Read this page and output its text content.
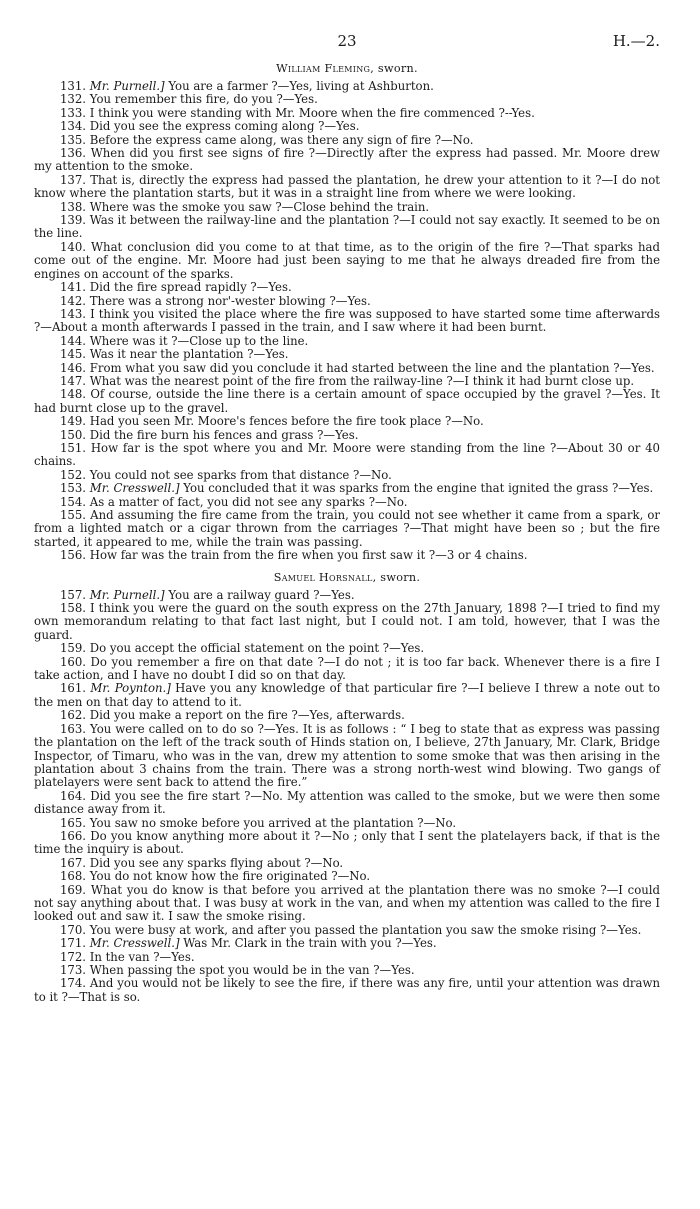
23	H.—2.
William Fleming, sworn.

131. Mr. Purnell.] You are a farmer ?—Yes, living at Ashburton.

132. You remember this fire, do you ?—Yes.

133. I think you were standing with Mr. Moore when the fire commenced ?--Yes.

134. Did you see the express coming along ?—Yes.

135. Before the express came along, was there any sign of fire ?—No.

136. When did you first see signs of fire ?—Directly after the express had passed. Mr. Moore drew my attention to the smoke.

137. That is, directly the express had passed the plantation, he drew your attention to it ?—I do not know where the plantation starts, but it was in a straight line from where we were looking.

138. Where was the smoke you saw ?—Close behind the train.

139. Was it between the railway-line and the plantation ?—I could not say exactly. It seemed to be on the line.

140. What conclusion did you come to at that time, as to the origin of the fire ?—That sparks had come out of the engine. Mr. Moore had just been saying to me that he always dreaded fire from the engines on account of the sparks.

141. Did the fire spread rapidly ?—Yes.

142. There was a strong nor'-wester blowing ?—Yes.

143. I think you visited the place where the fire was supposed to have started some time afterwards ?—About a month afterwards I passed in the train, and I saw where it had been burnt.

144. Where was it ?—Close up to the line.

145. Was it near the plantation ?—Yes.

146. From what you saw did you conclude it had started between the line and the plantation ?—Yes.

147. What was the nearest point of the fire from the railway-line ?—I think it had burnt close up.

148. Of course, outside the line there is a certain amount of space occupied by the gravel ?—Yes. It had burnt close up to the gravel.

149. Had you seen Mr. Moore's fences before the fire took place ?—No.

150. Did the fire burn his fences and grass ?—Yes.

151. How far is the spot where you and Mr. Moore were standing from the line ?—About 30 or 40 chains.

152. You could not see sparks from that distance ?—No.

153. Mr. Cresswell.] You concluded that it was sparks from the engine that ignited the grass ?—Yes.

154. As a matter of fact, you did not see any sparks ?—No.

155. And assuming the fire came from the train, you could not see whether it came from a spark, or from a lighted match or a cigar thrown from the carriages ?—That might have been so ; but the fire started, it appeared to me, while the train was passing.

156. How far was the train from the fire when you first saw it ?—3 or 4 chains.

Samuel Horsnall, sworn.

157. Mr. Purnell.] You are a railway guard ?—Yes.

158. I think you were the guard on the south express on the 27th January, 1898 ?—I tried to find my own memorandum relating to that fact last night, but I could not. I am told, however, that I was the guard.

159. Do you accept the official statement on the point ?—Yes.

160. Do you remember a fire on that date ?—I do not ; it is too far back. Whenever there is a fire I take action, and I have no doubt I did so on that day.

161. Mr. Poynton.] Have you any knowledge of that particular fire ?—I believe I threw a note out to the men on that day to attend to it.

162. Did you make a report on the fire ?—Yes, afterwards.

163. You were called on to do so ?—Yes. It is as follows : “ I beg to state that as express was passing the plantation on the left of the track south of Hinds station on, I believe, 27th January, Mr. Clark, Bridge Inspector, of Timaru, who was in the van, drew my attention to some smoke that was then arising in the plantation about 3 chains from the train. There was a strong north-west wind blowing. Two gangs of platelayers were sent back to attend the fire.”

164. Did you see the fire start ?—No. My attention was called to the smoke, but we were then some distance away from it.

165. You saw no smoke before you arrived at the plantation ?—No.

166. Do you know anything more about it ?—No ; only that I sent the platelayers back, if that is the time the inquiry is about.

167. Did you see any sparks flying about ?—No.

168. You do not know how the fire originated ?—No.

169. What you do know is that before you arrived at the plantation there was no smoke ?—I could not say anything about that. I was busy at work in the van, and when my attention was called to the fire I looked out and saw it. I saw the smoke rising.

170. You were busy at work, and after you passed the plantation you saw the smoke rising ?—Yes.

171. Mr. Cresswell.] Was Mr. Clark in the train with you ?—Yes.

172. In the van ?—Yes.

173. When passing the spot you would be in the van ?—Yes.

174. And you would not be likely to see the fire, if there was any fire, until your attention was drawn to it ?—That is so.
